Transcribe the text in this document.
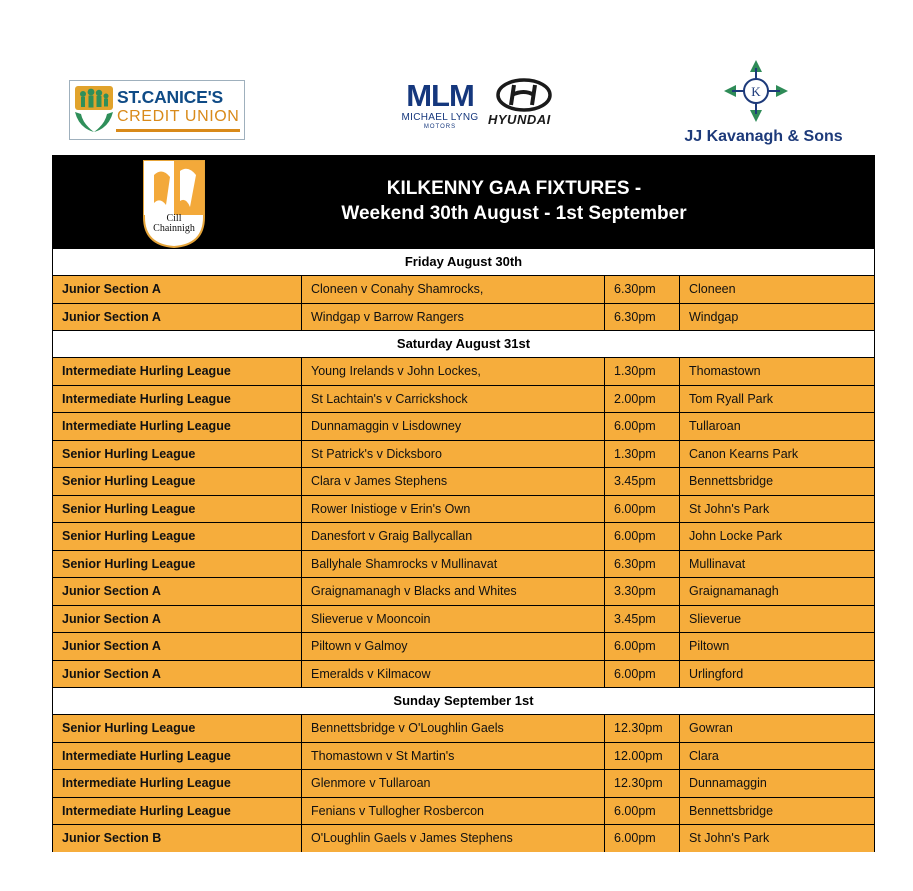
ST.CANICE'S
CREDIT UNION
MLM
MICHAEL LYNG
MOTORS	HYUNDAI
K
JJ Kavanagh & Sons
Cill
Chainnigh
KILKENNY GAA FIXTURES -
Weekend 30th August - 1st September
Friday August 30th
Junior Section A	Cloneen v Conahy Shamrocks,	6.30pm	Cloneen
Junior Section A	Windgap v Barrow Rangers	6.30pm	Windgap
Saturday August 31st
Intermediate Hurling League	Young Irelands v John Lockes,	1.30pm	Thomastown
Intermediate Hurling League	St Lachtain's v Carrickshock	2.00pm	Tom Ryall Park
Intermediate Hurling League	Dunnamaggin v Lisdowney	6.00pm	Tullaroan
Senior Hurling League	St Patrick's v Dicksboro	1.30pm	Canon Kearns Park
Senior Hurling League	Clara v James Stephens	3.45pm	Bennettsbridge
Senior Hurling League	Rower Inistioge v Erin's Own	6.00pm	St John's Park
Senior Hurling League	Danesfort v Graig Ballycallan	6.00pm	John Locke Park
Senior Hurling League	Ballyhale Shamrocks v Mullinavat	6.30pm	Mullinavat
Junior Section A	Graignamanagh v Blacks and Whites	3.30pm	Graignamanagh
Junior Section A	Slieverue v Mooncoin	3.45pm	Slieverue
Junior Section A	Piltown v Galmoy	6.00pm	Piltown
Junior Section A	Emeralds v Kilmacow	6.00pm	Urlingford
Sunday September 1st
Senior Hurling League	Bennettsbridge v O'Loughlin Gaels	12.30pm	Gowran
Intermediate Hurling League	Thomastown v St Martin's	12.00pm	Clara
Intermediate Hurling League	Glenmore v Tullaroan	12.30pm	Dunnamaggin
Intermediate Hurling League	Fenians v Tullogher Rosbercon	6.00pm	Bennettsbridge
Junior Section B	O'Loughlin Gaels v James Stephens	6.00pm	St John's Park
